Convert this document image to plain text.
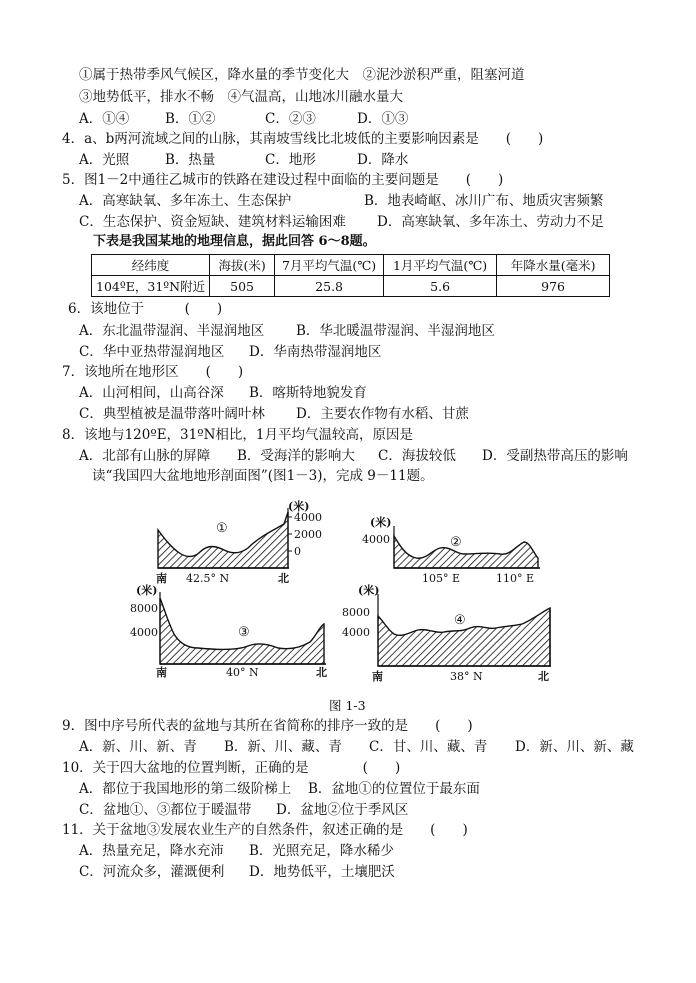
①属于热带季风气候区，降水量的季节变化大　②泥沙淤积严重，阻塞河道
③地势低平，排水不畅　④气温高，山地冰川融水量大
A．①④	B．①②	C．②③	D．①③
4．a、b两河流域之间的山脉，其南坡雪线比北坡低的主要影响因素是　　(　　)
A．光照	B．热量	C．地形	D．降水
5．图1－2中通往乙城市的铁路在建设过程中面临的主要问题是　　(　　)
A．高寒缺氧、多年冻土、生态保护	B．地表崎岖、冰川广布、地质灾害频繁
C．生态保护、资金短缺、建筑材料运输困难 D．高寒缺氧、多年冻土、劳动力不足
下表是我国某地的地理信息，据此回答 6～8题。
经纬度	海拔(米)	7月平均气温(℃)	1月平均气温(℃)	年降水量(毫米)
104ºE，31ºN附近	505	25.8	5.6	976
6．该地位于　　　(　　)
A．东北温带湿润、半湿润地区 B．华北暖温带湿润、半湿润地区
C．华中亚热带湿润地区 D．华南热带湿润地区
7．该地所在地形区　　(　　)
A．山河相间，山高谷深 B．喀斯特地貌发育
C．典型植被是温带落叶阔叶林 D．主要农作物有水稻、甘蔗
8．该地与120ºE，31ºN相比，1月平均气温较高，原因是
A．北部有山脉的屏障 B．受海洋的影响大 C．海拔较低 D．受副热带高压的影响
读“我国四大盆地地形剖面图”(图1－3)，完成 9－11题。
①
(米)
4000
2000
0
南 42.5° N	北
(米)
4000	②
105° E	110° E
(米)
8000
4000	③
南	40° N	北
(米)
8000
4000
④
南	38° N	北
图 1-3
9．图中序号所代表的盆地与其所在省简称的排序一致的是　　(　　)
A．新、川、新、青 B．新、川、藏、青 C．甘、川、藏、青 D．新、川、新、藏
10．关于四大盆地的位置判断，正确的是　　　　(　　)
A．都位于我国地形的第二级阶梯上 B．盆地①的位置位于最东面
C．盆地①、③都位于暖温带 D．盆地②位于季风区
11．关于盆地③发展农业生产的自然条件，叙述正确的是　　(　　)
A．热量充足，降水充沛 B．光照充足，降水稀少
C．河流众多，灌溉便利 D．地势低平，土壤肥沃
